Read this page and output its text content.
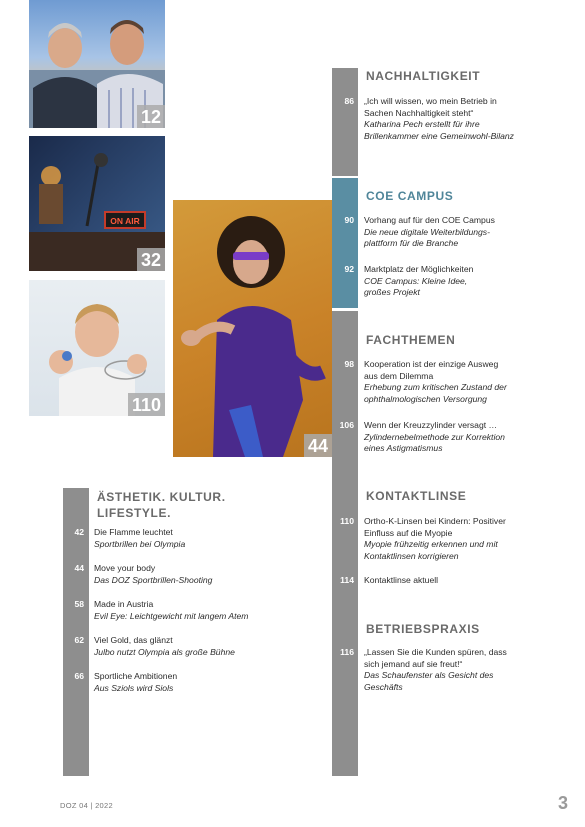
12
ON AIR
32
110
44
NACHHALTIGKEIT
86 „Ich will wissen, wo mein Betrieb in Sachen Nachhaltigkeit steht“
Katharina Pech erstellt für ihre Brillenkammer eine Gemeinwohl-Bilanz
COE CAMPUS
90 Vorhang auf für den COE Campus
Die neue digitale Weiterbildungs-plattform für die Branche
92 Marktplatz der Möglichkeiten
COE Campus: Kleine Idee, großes Projekt
FACHTHEMEN
98 Kooperation ist der einzige Ausweg aus dem Dilemma
Erhebung zum kritischen Zustand der ophthalmologischen Versorgung
106 Wenn der Kreuzzylinder versagt …
Zylindernebelmethode zur Korrektion eines Astigmatismus
KONTAKTLINSE
110 Ortho-K-Linsen bei Kindern: Positiver Einfluss auf die Myopie
Myopie frühzeitig erkennen und mit Kontaktlinsen korrigieren
114 Kontaktlinse aktuell
BETRIEBSPRAXIS
116 „Lassen Sie die Kunden spüren, dass sich jemand auf sie freut!“
Das Schaufenster als Gesicht des Geschäfts
ÄSTHETIK. KULTUR.
LIFESTYLE.
42 Die Flamme leuchtet
Sportbrillen bei Olympia
44 Move your body
Das DOZ Sportbrillen-Shooting
58 Made in Austria
Evil Eye: Leichtgewicht mit langem Atem
62 Viel Gold, das glänzt
Julbo nutzt Olympia als große Bühne
66 Sportliche Ambitionen
Aus Sziols wird Siols
DOZ 04 | 2022	3
